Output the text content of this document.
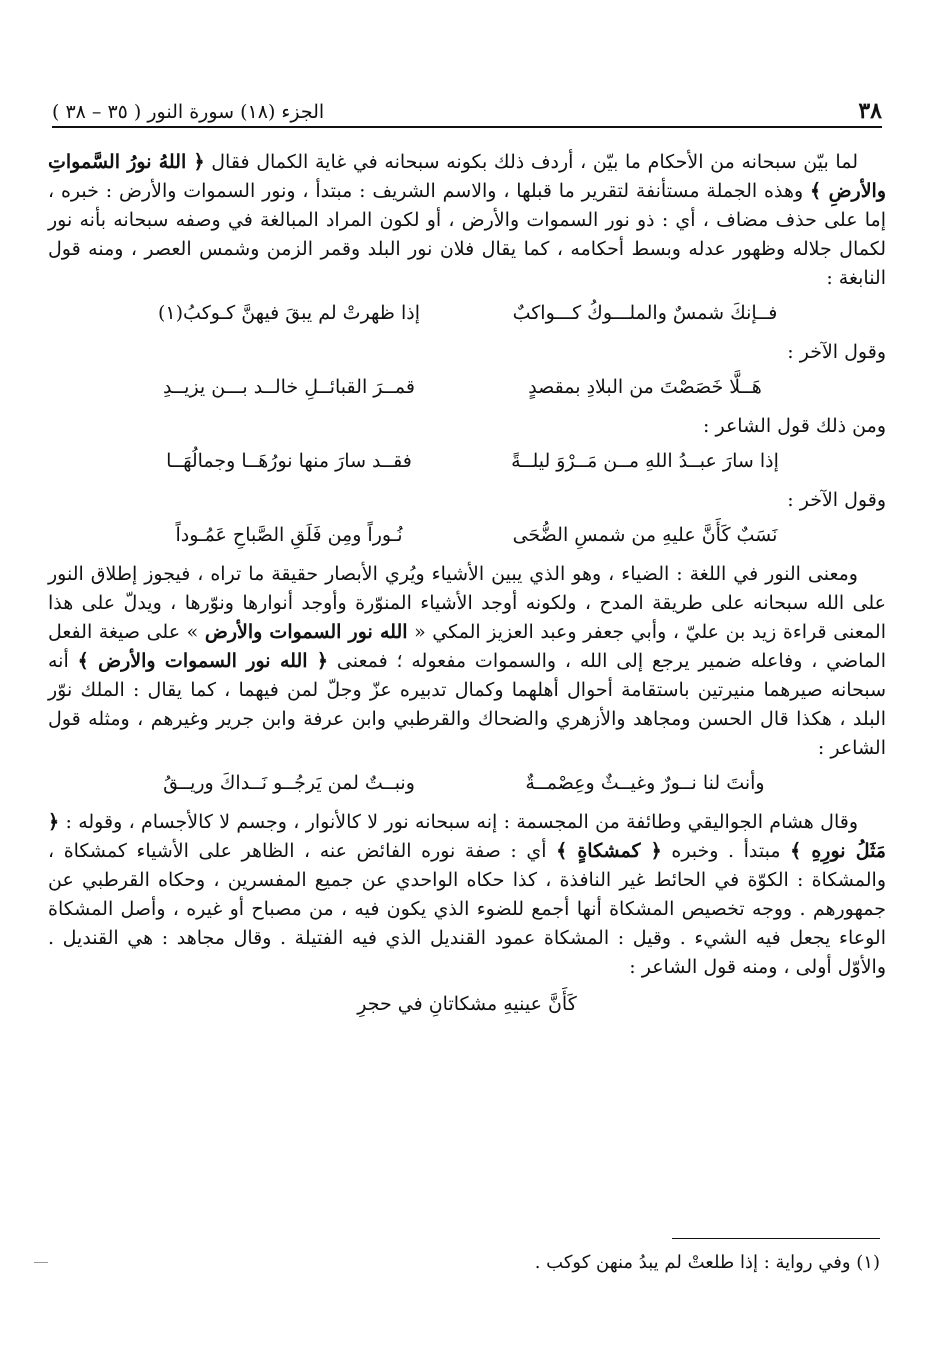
٣٨
الجزء (١٨) سورة النور ( ٣٥ – ٣٨ )

لما بيّن سبحانه من الأحكام ما بيّن ، أردف ذلك بكونه سبحانه في غاية الكمال فقال ﴿ اللهُ نورُ السَّمواتِ والأرضِ ﴾ وهذه الجملة مستأنفة لتقرير ما قبلها ، والاسم الشريف : مبتدأ ، ونور السموات والأرض : خبره ، إما على حذف مضاف ، أي : ذو نور السموات والأرض ، أو لكون المراد المبالغة في وصفه سبحانه بأنه نور لكمال جلاله وظهور عدله وبسط أحكامه ، كما يقال فلان نور البلد وقمر الزمن وشمس العصر ، ومنه قول النابغة :

فــإنكَ شمسٌ والملـــوكُ كـــواكبٌ
إذا ظهرتْ لم يبقَ فيهنَّ كـوكبُ(١)

وقول الآخر :

هَــلَّا خَصَصْتَ من البلادِ بمقصدٍ
قمــرَ القبائــلِ خالــد بـــن يزيــدِ

ومن ذلك قول الشاعر :

إذا سارَ عبــدُ اللهِ مــن مَــرْوَ ليلــةً
فقــد سارَ منها نورُهَــا وجمالُهَــا

وقول الآخر :

نَسَبٌ كَأَنَّ عليهِ من شمسِ الضُّحَى
نُـوراً ومِن فَلَقِ الصَّباحِ عَمُـوداً

ومعنى النور في اللغة : الضياء ، وهو الذي يبين الأشياء ويُري الأبصار حقيقة ما تراه ، فيجوز إطلاق النور على الله سبحانه على طريقة المدح ، ولكونه أوجد الأشياء المنوّرة وأوجد أنوارها ونوّرها ، ويدلّ على هذا المعنى قراءة زيد بن عليّ ، وأبي جعفر وعبد العزيز المكي « الله نور السموات والأرض » على صيغة الفعل الماضي ، وفاعله ضمير يرجع إلى الله ، والسموات مفعوله ؛ فمعنى ﴿ الله نور السموات والأرض ﴾ أنه سبحانه صيرهما منيرتين باستقامة أحوال أهلهما وكمال تدبيره عزّ وجلّ لمن فيهما ، كما يقال : الملك نوّر البلد ، هكذا قال الحسن ومجاهد والأزهري والضحاك والقرطبي وابن عرفة وابن جرير وغيرهم ، ومثله قول الشاعر :

وأنتَ لنا نــورٌ وغيــثٌ وعِصْمــةٌ
ونبــتٌ لمن يَرجُــو نَــداكَ وريــقُ

وقال هشام الجواليقي وطائفة من المجسمة : إنه سبحانه نور لا كالأنوار ، وجسم لا كالأجسام ، وقوله : ﴿ مَثَلُ نورِهِ ﴾ مبتدأ . وخبره ﴿ كمشكاةٍ ﴾ أي : صفة نوره الفائض عنه ، الظاهر على الأشياء كمشكاة ، والمشكاة : الكوّة في الحائط غير النافذة ، كذا حكاه الواحدي عن جميع المفسرين ، وحكاه القرطبي عن جمهورهم . ووجه تخصيص المشكاة أنها أجمع للضوء الذي يكون فيه ، من مصباح أو غيره ، وأصل المشكاة الوعاء يجعل فيه الشيء . وقيل : المشكاة عمود القنديل الذي فيه الفتيلة . وقال مجاهد : هي القنديل . والأوّل أولى ، ومنه قول الشاعر :

كَأَنَّ عينيهِ مشكاتانِ في حجرِ

(١) وفي رواية : إذا طلعتْ لم يبدُ منهن كوكب .
